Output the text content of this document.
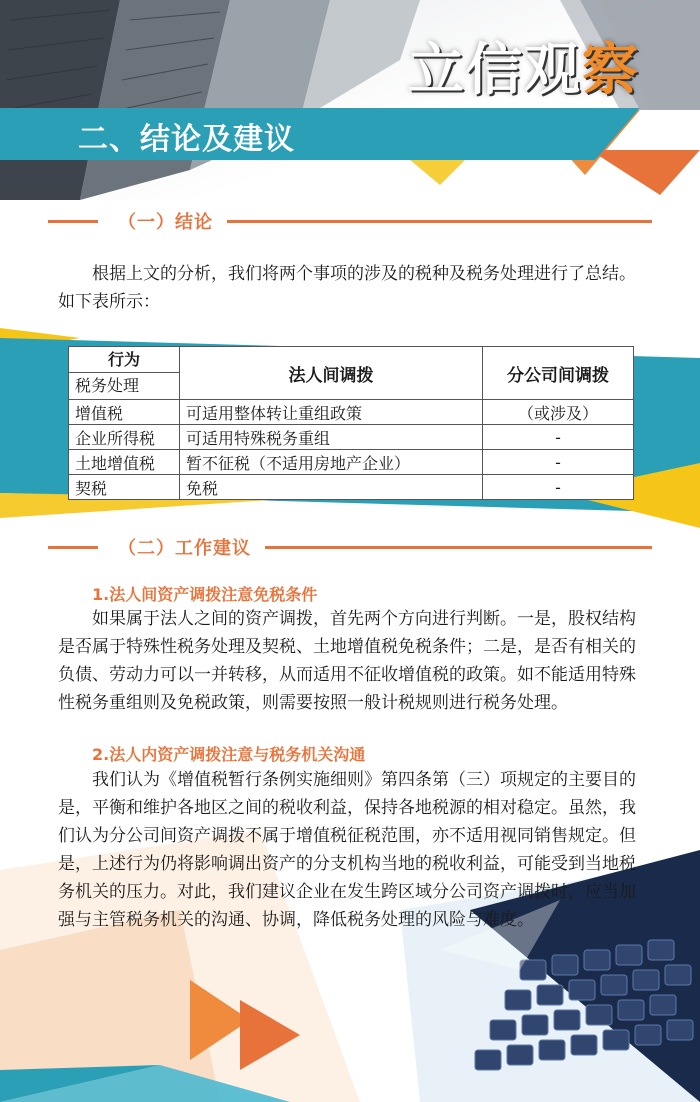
立信观察
二、结论及建议
（一）结论

根据上文的分析，我们将两个事项的涉及的税种及税务处理进行了总结。如下表所示：

行为
税务处理	法人间调拨	分公司间调拨
增值税	可适用整体转让重组政策	（或涉及）
企业所得税	可适用特殊税务重组	-
土地增值税	暂不征税（不适用房地产企业）	-
契税	免税	-
（二）工作建议
1.法人间资产调拨注意免税条件

如果属于法人之间的资产调拨，首先两个方向进行判断。一是，股权结构是否属于特殊性税务处理及契税、土地增值税免税条件；二是，是否有相关的负债、劳动力可以一并转移，从而适用不征收增值税的政策。如不能适用特殊性税务重组则及免税政策，则需要按照一般计税规则进行税务处理。

2.法人内资产调拨注意与税务机关沟通

我们认为《增值税暂行条例实施细则》第四条第（三）项规定的主要目的是，平衡和维护各地区之间的税收利益，保持各地税源的相对稳定。虽然，我们认为分公司间资产调拨不属于增值税征税范围，亦不适用视同销售规定。但是，上述行为仍将影响调出资产的分支机构当地的税收利益，可能受到当地税务机关的压力。对此，我们建议企业在发生跨区域分公司资产调拨时，应当加强与主管税务机关的沟通、协调，降低税务处理的风险与难度。
